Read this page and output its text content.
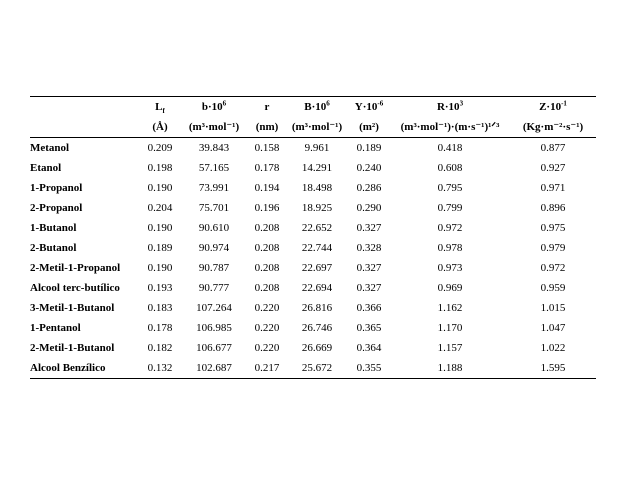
	$L_f$	$b\cdot 10^6$	r	$B\cdot 10^6$	$Y\cdot 10^{-6}$	$R\cdot 10^3$	$Z\cdot 10^{-1}$
	(Å)	(m³·mol⁻¹)	(nm)	(m³·mol⁻¹)	(m²)	(m³·mol⁻¹)·(m·s⁻¹)¹ᐟ³	(Kg·m⁻²·s⁻¹)
Metanol	0.209	39.843	0.158	9.961	0.189	0.418	0.877
Etanol	0.198	57.165	0.178	14.291	0.240	0.608	0.927
1-Propanol	0.190	73.991	0.194	18.498	0.286	0.795	0.971
2-Propanol	0.204	75.701	0.196	18.925	0.290	0.799	0.896
1-Butanol	0.190	90.610	0.208	22.652	0.327	0.972	0.975
2-Butanol	0.189	90.974	0.208	22.744	0.328	0.978	0.979
2-Metil-1-Propanol	0.190	90.787	0.208	22.697	0.327	0.973	0.972
Alcool terc-butílico	0.193	90.777	0.208	22.694	0.327	0.969	0.959
3-Metil-1-Butanol	0.183	107.264	0.220	26.816	0.366	1.162	1.015
1-Pentanol	0.178	106.985	0.220	26.746	0.365	1.170	1.047
2-Metil-1-Butanol	0.182	106.677	0.220	26.669	0.364	1.157	1.022
Alcool Benzílico	0.132	102.687	0.217	25.672	0.355	1.188	1.595
